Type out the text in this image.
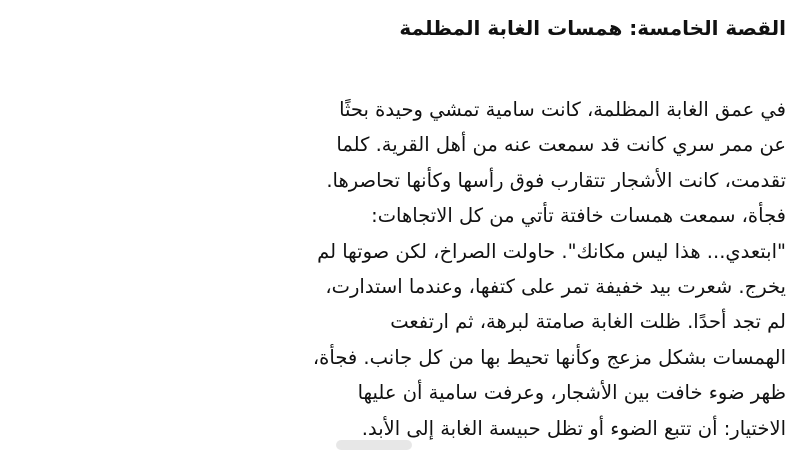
القصة الخامسة: همسات الغابة المظلمة
في عمق الغابة المظلمة، كانت سامية تمشي وحيدة بحثًا
عن ممر سري كانت قد سمعت عنه من أهل القرية. كلما
تقدمت، كانت الأشجار تتقارب فوق رأسها وكأنها تحاصرها.
فجأة، سمعت همسات خافتة تأتي من كل الاتجاهات:
"ابتعدي... هذا ليس مكانك". حاولت الصراخ، لكن صوتها لم
يخرج. شعرت بيد خفيفة تمر على كتفها، وعندما استدارت،
لم تجد أحدًا. ظلت الغابة صامتة لبرهة، ثم ارتفعت
الهمسات بشكل مزعج وكأنها تحيط بها من كل جانب. فجأة،
ظهر ضوء خافت بين الأشجار، وعرفت سامية أن عليها
الاختيار: أن تتبع الضوء أو تظل حبيسة الغابة إلى الأبد.
